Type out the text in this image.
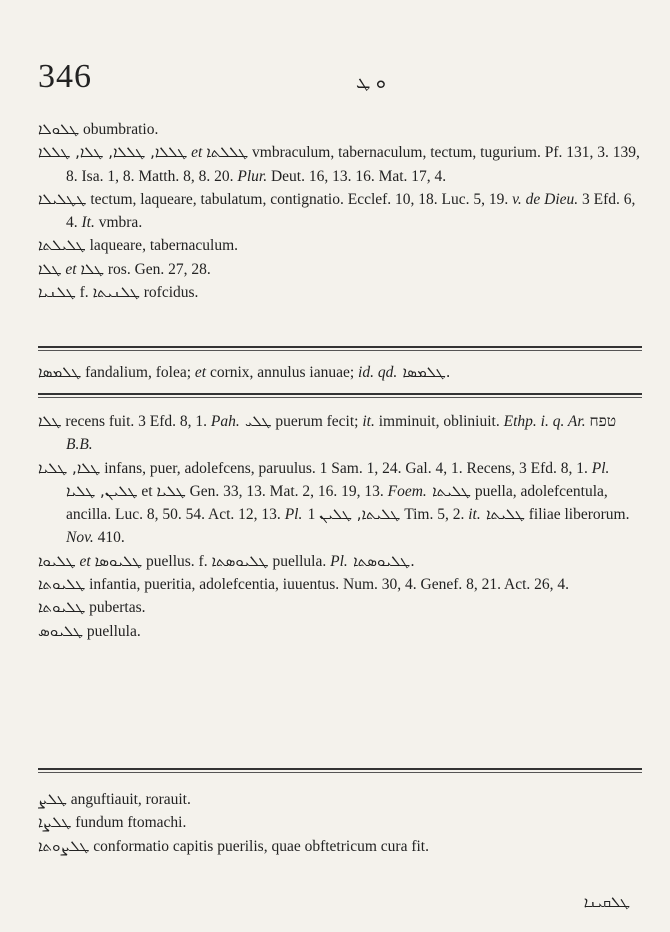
346	ܘ ܛ

ܛܠܘܠܐ obumbratio.

ܛܠܠܐ, ܛܠܠܐ, ܛܠܐ, ܛܠܠܐ et ܛܠܠܬܐ vmbraculum, tabernaculum, tectum, tugurium. Pf. 131, 3. 139, 8. Isa. 1, 8. Matth. 8, 8. 20. Plur. Deut. 16, 13. 16. Mat. 17, 4.

ܛܛܠܝܠܐ tectum, laqueare, tabulatum, contignatio. Ecclef. 10, 18. Luc. 5, 19. v. de Dieu. 3 Efd. 6, 4. It. vmbra.

ܛܠܝܠܬܐ laqueare, tabernaculum.

ܛܠܐ et ܛܠܐ ros. Gen. 27, 28.

ܛܠܢܝܐ f. ܛܠܢܝܬܐ rofcidus.

ܛܠܡܣܐ fandalium, folea; et cornix, annulus ianuae; id. qd. ܛܠܡܣܐ.

ܛܠܐ recens fuit. 3 Efd. 8, 1. Pah. ܛܠܝ puerum fecit; it. imminuit, obliniuit. Ethp. i. q. Ar. טפח B.B.

ܛܠܐ, ܛܠܝܐ infans, puer, adolefcens, paruulus. 1 Sam. 1, 24. Gal. 4, 1. Recens, 3 Efd. 8, 1. Pl. ܛܠܝܢ, ܛܠܝܐ et ܛܠܝܐ Gen. 33, 13. Mat. 2, 16. 19, 13. Foem. ܛܠܝܬܐ puella, adolefcentula, ancilla. Luc. 8, 50. 54. Act. 12, 13. Pl. ܛܠܝܬܐ, ܛܠܝܢ 1 Tim. 5, 2. it. ܛܠܝܬܐ filiae liberorum. Nov. 410.

ܛܠܝܘܐ et ܛܠܝܘܣܐ puellus. f. ܛܠܝܘܣܬܐ puellula. Pl. ܛܠܝܘܣܬܐ.

ܛܠܝܘܬܐ infantia, pueritia, adolefcentia, iuuentus. Num. 30, 4. Genef. 8, 21. Act. 26, 4.

ܛܠܝܘܬܐ pubertas.

ܛܠܝܘܣ puellula.

ܛܠܨ anguftiauit, rorauit.

ܛܠܨܐ fundum ftomachi.

ܛܠܨܘܬܐ conformatio capitis puerilis, quae obftetricum cura fit.

ܛܠܩܝܢܐ
